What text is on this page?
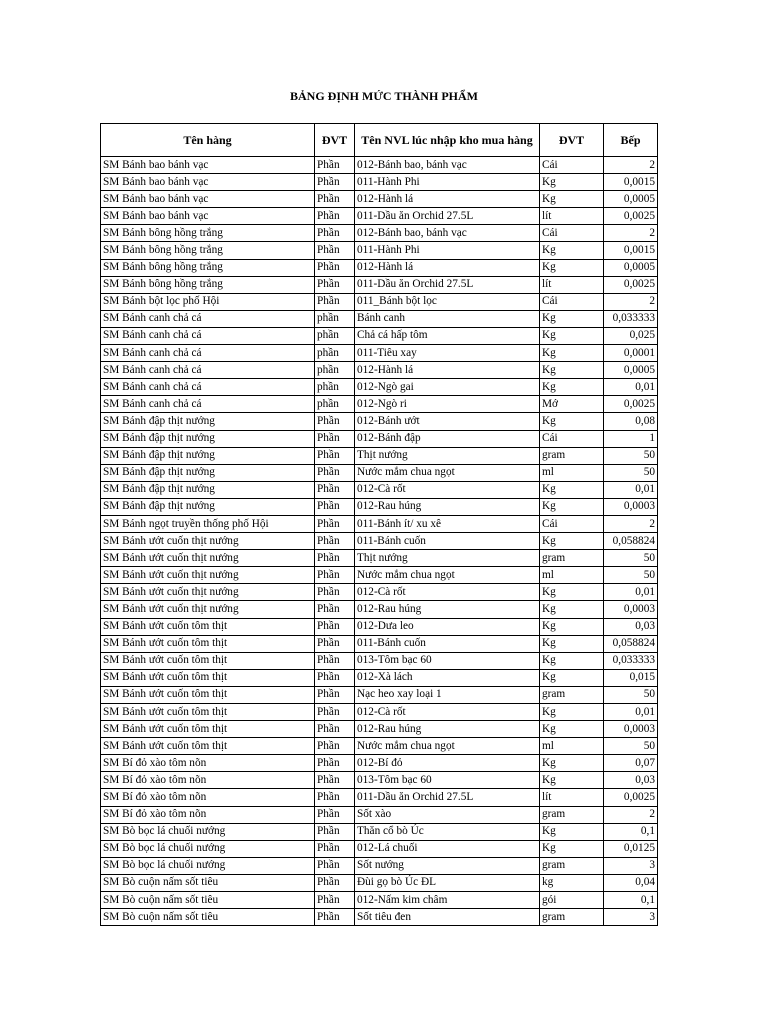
BẢNG ĐỊNH MỨC THÀNH PHẨM
Tên hàng	ĐVT	Tên NVL lúc nhập kho mua hàng	ĐVT	Bếp
SM Bánh bao bánh vạc	Phần	012-Bánh bao, bánh vạc	Cái	2
SM Bánh bao bánh vạc	Phần	011-Hành Phi	Kg	0,0015
SM Bánh bao bánh vạc	Phần	012-Hành lá	Kg	0,0005
SM Bánh bao bánh vạc	Phần	011-Dầu ăn Orchid 27.5L	lít	0,0025
SM Bánh bông hồng trắng	Phần	012-Bánh bao, bánh vạc	Cái	2
SM Bánh bông hồng trắng	Phần	011-Hành Phi	Kg	0,0015
SM Bánh bông hồng trắng	Phần	012-Hành lá	Kg	0,0005
SM Bánh bông hồng trắng	Phần	011-Dầu ăn Orchid 27.5L	lít	0,0025
SM Bánh bột lọc phố Hội	Phần	011_Bánh bột lọc	Cái	2
SM Bánh canh chả cá	phần	Bánh canh	Kg	0,033333
SM Bánh canh chả cá	phần	Chả cá hấp tôm	Kg	0,025
SM Bánh canh chả cá	phần	011-Tiêu xay	Kg	0,0001
SM Bánh canh chả cá	phần	012-Hành lá	Kg	0,0005
SM Bánh canh chả cá	phần	012-Ngò gai	Kg	0,01
SM Bánh canh chả cá	phần	012-Ngò ri	Mớ	0,0025
SM Bánh đập thịt nướng	Phần	012-Bánh ướt	Kg	0,08
SM Bánh đập thịt nướng	Phần	012-Bánh đập	Cái	1
SM Bánh đập thịt nướng	Phần	Thịt nướng	gram	50
SM Bánh đập thịt nướng	Phần	Nước mắm chua ngọt	ml	50
SM Bánh đập thịt nướng	Phần	012-Cà rốt	Kg	0,01
SM Bánh đập thịt nướng	Phần	012-Rau húng	Kg	0,0003
SM Bánh ngọt truyền thống phố Hội	Phần	011-Bánh ít/ xu xê	Cái	2
SM Bánh ướt cuốn thịt nướng	Phần	011-Bánh cuốn	Kg	0,058824
SM Bánh ướt cuốn thịt nướng	Phần	Thịt nướng	gram	50
SM Bánh ướt cuốn thịt nướng	Phần	Nước mắm chua ngọt	ml	50
SM Bánh ướt cuốn thịt nướng	Phần	012-Cà rốt	Kg	0,01
SM Bánh ướt cuốn thịt nướng	Phần	012-Rau húng	Kg	0,0003
SM Bánh ướt cuốn tôm thịt	Phần	012-Dưa leo	Kg	0,03
SM Bánh ướt cuốn tôm thịt	Phần	011-Bánh cuốn	Kg	0,058824
SM Bánh ướt cuốn tôm thịt	Phần	013-Tôm bạc 60	Kg	0,033333
SM Bánh ướt cuốn tôm thịt	Phần	012-Xà lách	Kg	0,015
SM Bánh ướt cuốn tôm thịt	Phần	Nạc heo xay loại 1	gram	50
SM Bánh ướt cuốn tôm thịt	Phần	012-Cà rốt	Kg	0,01
SM Bánh ướt cuốn tôm thịt	Phần	012-Rau húng	Kg	0,0003
SM Bánh ướt cuốn tôm thịt	Phần	Nước mắm chua ngọt	ml	50
SM Bí đỏ xào tôm nõn	Phần	012-Bí đỏ	Kg	0,07
SM Bí đỏ xào tôm nõn	Phần	013-Tôm bạc 60	Kg	0,03
SM Bí đỏ xào tôm nõn	Phần	011-Dầu ăn Orchid 27.5L	lít	0,0025
SM Bí đỏ xào tôm nõn	Phần	Sốt xào	gram	2
SM Bò bọc lá chuối nướng	Phần	Thăn cổ bò Úc	Kg	0,1
SM Bò bọc lá chuối nướng	Phần	012-Lá chuối	Kg	0,0125
SM Bò bọc lá chuối nướng	Phần	Sốt nướng	gram	3
SM Bò cuộn nấm sốt tiêu	Phần	Đùi gọ bò Úc ĐL	kg	0,04
SM Bò cuộn nấm sốt tiêu	Phần	012-Nấm kim châm	gói	0,1
SM Bò cuộn nấm sốt tiêu	Phần	Sốt tiêu đen	gram	3
